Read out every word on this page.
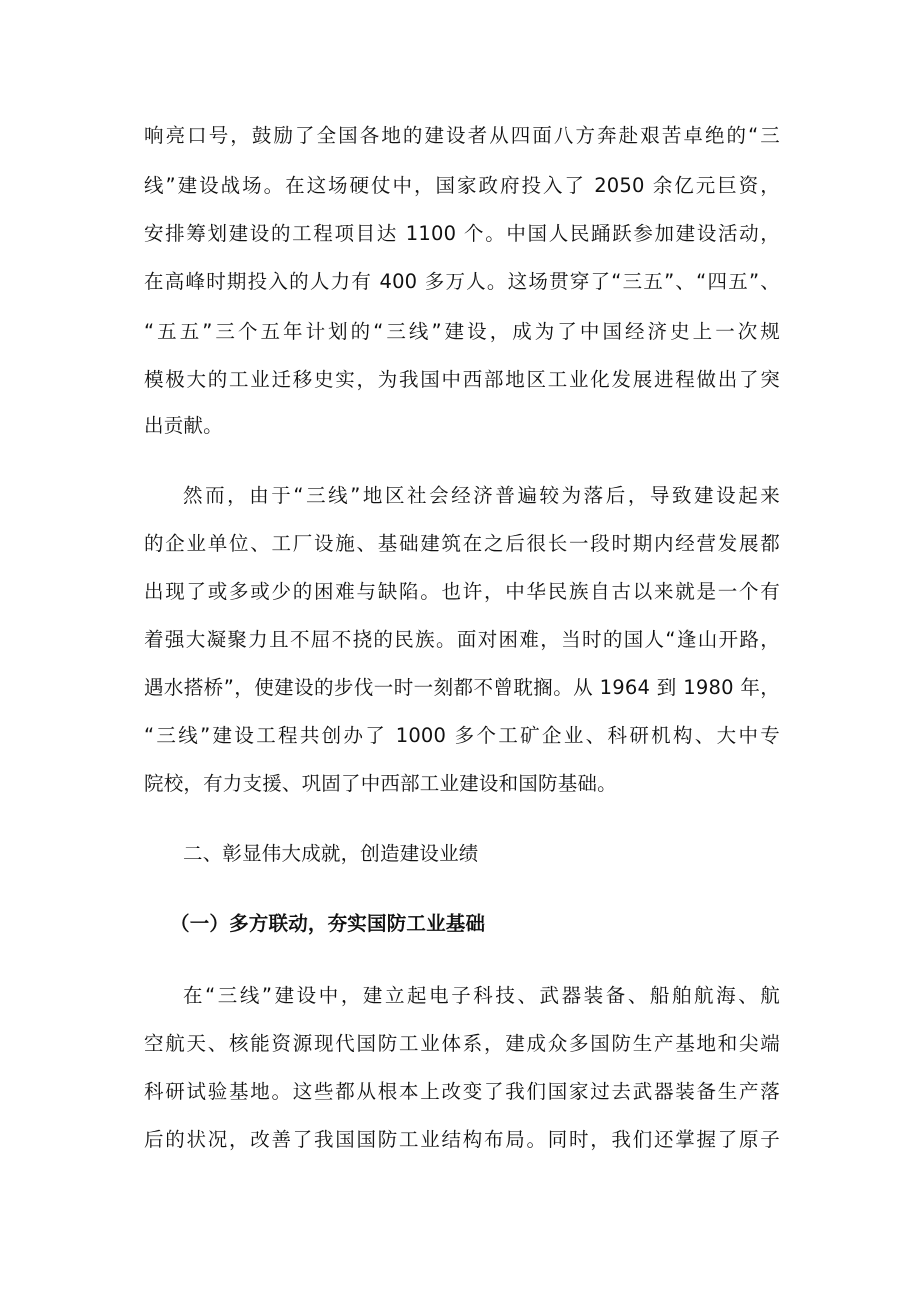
响亮口号，鼓励了全国各地的建设者从四面八方奔赴艰苦卓绝的“三
线”建设战场。在这场硬仗中，国家政府投入了 2050 余亿元巨资，
安排筹划建设的工程项目达 1100 个。中国人民踊跃参加建设活动，
在高峰时期投入的人力有 400 多万人。这场贯穿了“三五”、“四五”、
“五五”三个五年计划的“三线”建设，成为了中国经济史上一次规
模极大的工业迁移史实，为我国中西部地区工业化发展进程做出了突
出贡献。
然而，由于“三线”地区社会经济普遍较为落后，导致建设起来
的企业单位、工厂设施、基础建筑在之后很长一段时期内经营发展都
出现了或多或少的困难与缺陷。也许，中华民族自古以来就是一个有
着强大凝聚力且不屈不挠的民族。面对困难，当时的国人“逢山开路，
遇水搭桥”，使建设的步伐一时一刻都不曾耽搁。从 1964 到 1980 年，
“三线”建设工程共创办了 1000 多个工矿企业、科研机构、大中专
院校，有力支援、巩固了中西部工业建设和国防基础。
二、彰显伟大成就，创造建设业绩
（一）多方联动，夯实国防工业基础
在“三线”建设中，建立起电子科技、武器装备、船舶航海、航
空航天、核能资源现代国防工业体系，建成众多国防生产基地和尖端
科研试验基地。这些都从根本上改变了我们国家过去武器装备生产落
后的状况，改善了我国国防工业结构布局。同时，我们还掌握了原子
